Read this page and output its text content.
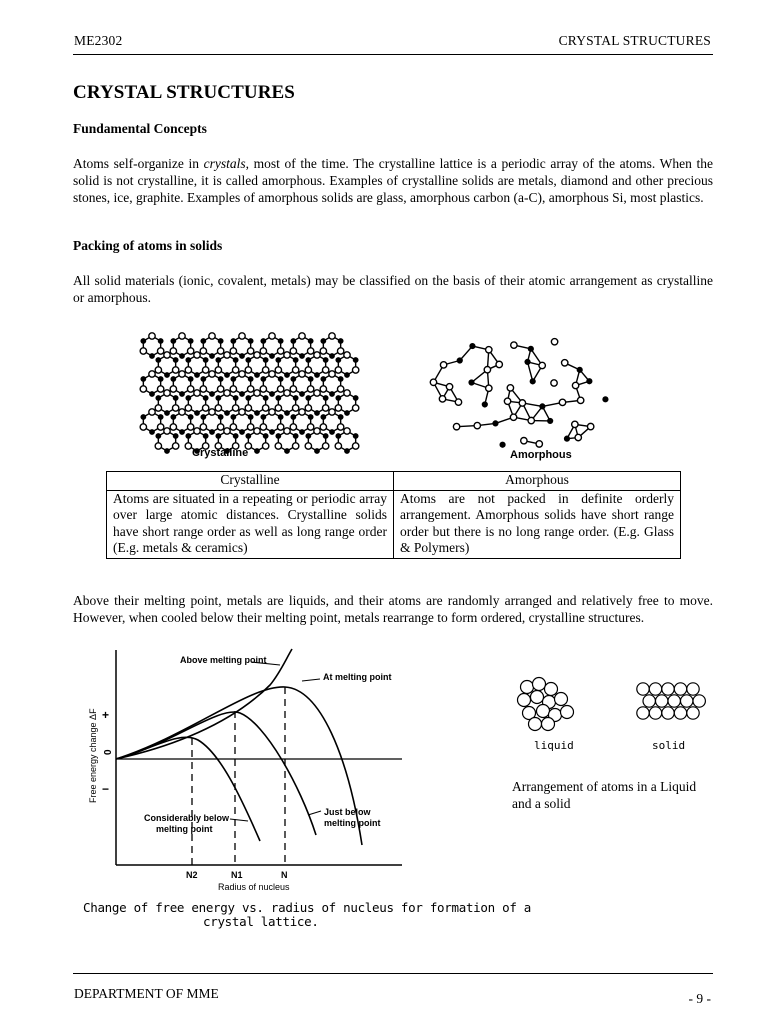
ME2302	CRYSTAL STRUCTURES
CRYSTAL STRUCTURES
Fundamental Concepts

Atoms self-organize in crystals, most of the time. The crystalline lattice is a periodic array of the atoms. When the solid is not crystalline, it is called amorphous. Examples of crystalline solids are metals, diamond and other precious stones, ice, graphite. Examples of amorphous solids are glass, amorphous carbon (a-C), amorphous Si, most plastics.

Packing of atoms in solids

All solid materials (ionic, covalent, metals) may be classified on the basis of their atomic arrangement as crystalline or amorphous.

Crystalline	Amorphous
Crystalline	Amorphous
Atoms are situated in a repeating or periodic array over large atomic distances. Crystalline solids have short range order as well as long range order (E.g. metals & ceramics)	Atoms are not packed in definite orderly arrangement. Amorphous solids have short range order but there is no long range order. (E.g. Glass & Polymers)

Above their melting point, metals are liquids, and their atoms are randomly arranged and relatively free to move. However, when cooled below their melting point, metals rearrange to form ordered, crystalline structures.

Above melting point
At melting point
Just below
melting point
Considerably below
melting point
N2	N1	N
Radius of nucleus
Free energy change ΔF +
0
−
Change of free energy vs. radius of nucleus for formation of a
crystal lattice.
liquid	solid
Arrangement of atoms in a Liquid and a solid
DEPARTMENT OF MME	- 9 -
